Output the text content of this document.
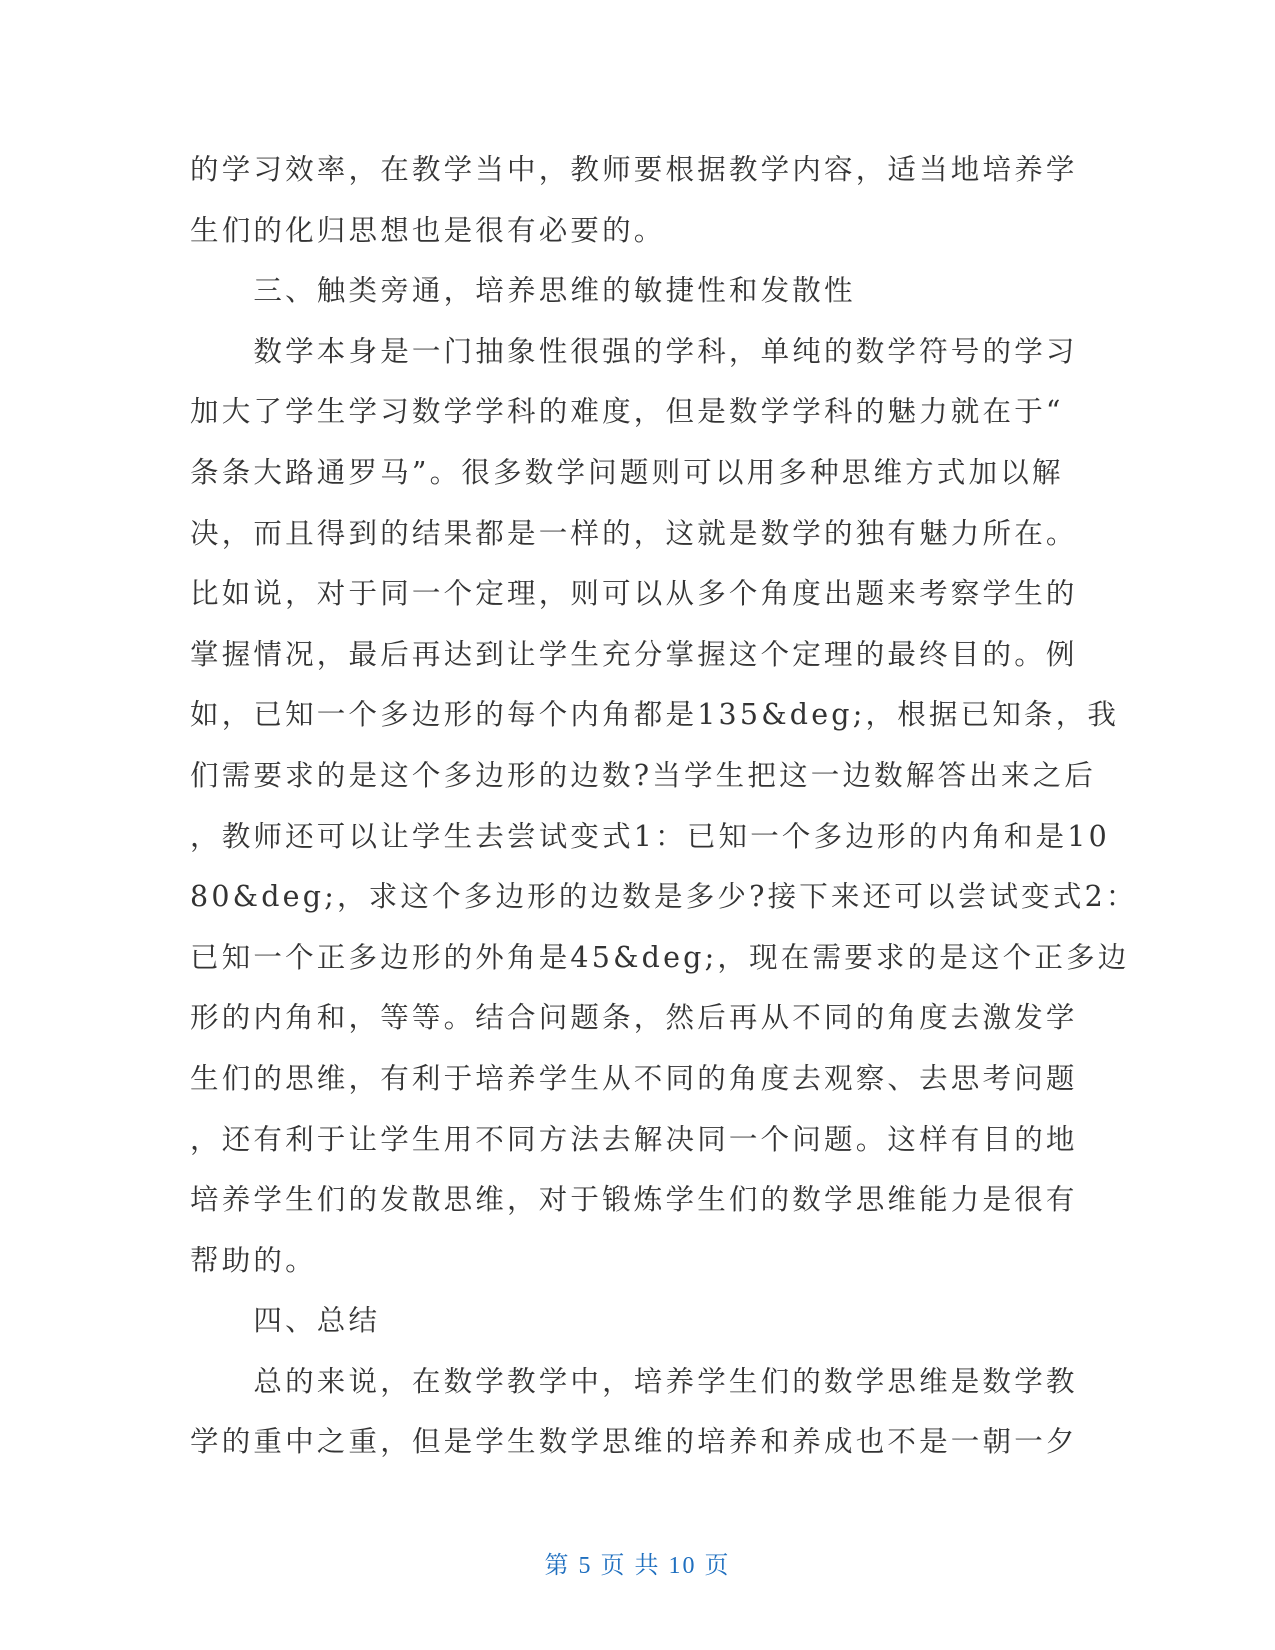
的学习效率，在教学当中，教师要根据教学内容，适当地培养学
生们的化归思想也是很有必要的。
　　三、触类旁通，培养思维的敏捷性和发散性
　　数学本身是一门抽象性很强的学科，单纯的数学符号的学习
加大了学生学习数学学科的难度，但是数学学科的魅力就在于“
条条大路通罗马”。很多数学问题则可以用多种思维方式加以解
决，而且得到的结果都是一样的，这就是数学的独有魅力所在。
比如说，对于同一个定理，则可以从多个角度出题来考察学生的
掌握情况，最后再达到让学生充分掌握这个定理的最终目的。例
如，已知一个多边形的每个内角都是135&deg;，根据已知条，我
们需要求的是这个多边形的边数?当学生把这一边数解答出来之后
，教师还可以让学生去尝试变式1：已知一个多边形的内角和是10
80&deg;，求这个多边形的边数是多少?接下来还可以尝试变式2：
已知一个正多边形的外角是45&deg;，现在需要求的是这个正多边
形的内角和，等等。结合问题条，然后再从不同的角度去激发学
生们的思维，有利于培养学生从不同的角度去观察、去思考问题
，还有利于让学生用不同方法去解决同一个问题。这样有目的地
培养学生们的发散思维，对于锻炼学生们的数学思维能力是很有
帮助的。
　　四、总结
　　总的来说，在数学教学中，培养学生们的数学思维是数学教
学的重中之重，但是学生数学思维的培养和养成也不是一朝一夕
第 5 页 共 10 页
